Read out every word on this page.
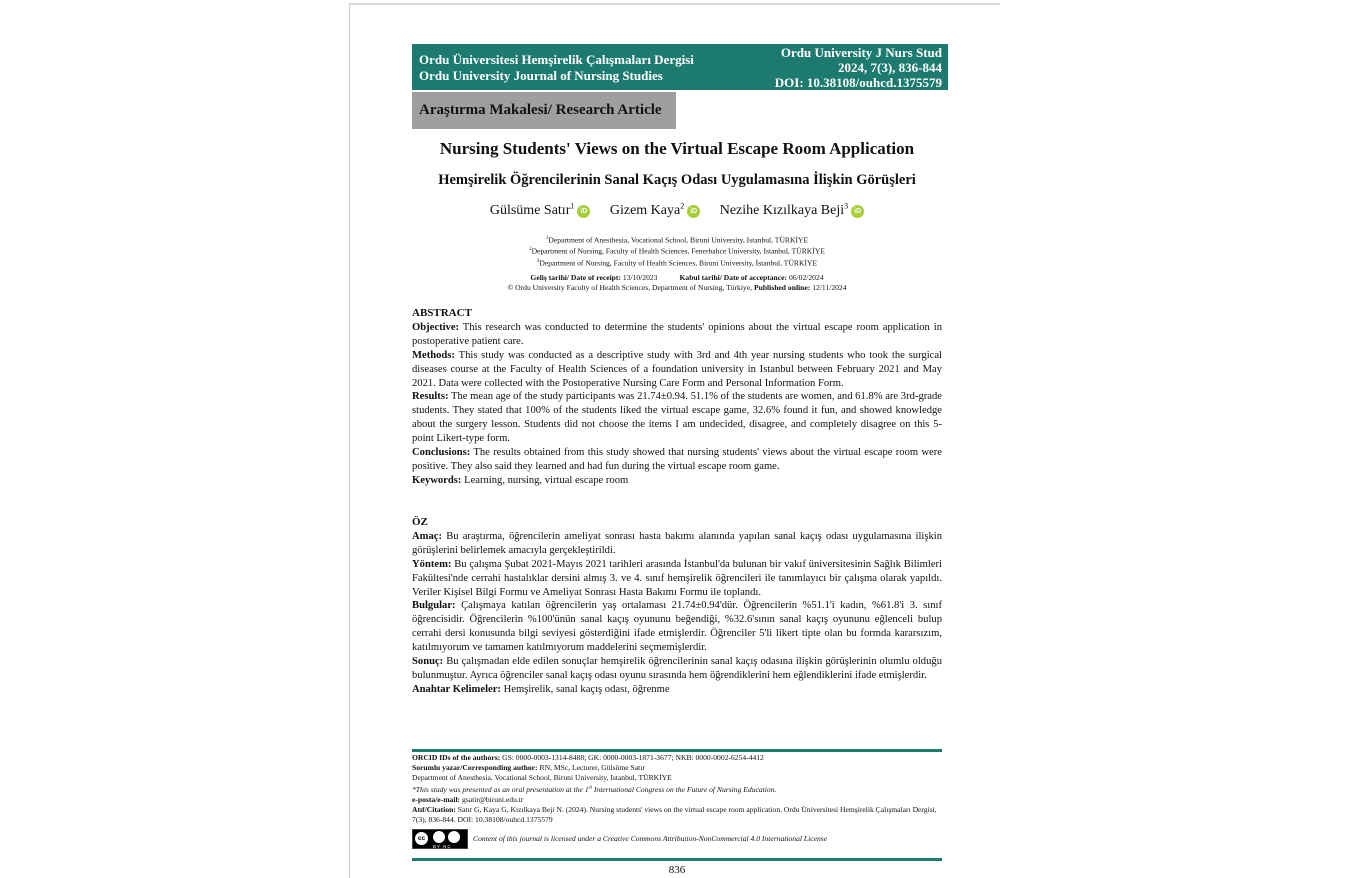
Ordu Üniversitesi Hemşirelik Çalışmaları Dergisi
Ordu University Journal of Nursing Studies
Ordu University J Nurs Stud
2024, 7(3), 836-844
DOI: 10.38108/ouhcd.1375579
Araştırma Makalesi/ Research Article
Nursing Students' Views on the Virtual Escape Room Application
Hemşirelik Öğrencilerinin Sanal Kaçış Odası Uygulamasına İlişkin Görüşleri
Gülsüme Satır$^1$iD Gizem Kaya$^2$iD Nezihe Kızılkaya Beji$^3$iD
$^1$Department of Anesthesia, Vocational School, Biruni University, Istanbul, TÜRKİYE
$^2$Department of Nursing, Faculty of Health Sciences, Fenerbahce University, Istanbul, TÜRKİYE
$^3$Department of Nursing, Faculty of Health Sciences, Biruni University, İstanbul, TÜRKİYE
Geliş tarihi/ Date of receipt: 13/10/2023	Kabul tarihi/ Date of acceptance: 06/02/2024
© Ordu University Faculty of Health Sciences, Department of Nursing, Türkiye, Published online: 12/11/2024

ABSTRACT

Objective: This research was conducted to determine the students' opinions about the virtual escape room application in postoperative patient care.

Methods: This study was conducted as a descriptive study with 3rd and 4th year nursing students who took the surgical diseases course at the Faculty of Health Sciences of a foundation university in Istanbul between February 2021 and May 2021. Data were collected with the Postoperative Nursing Care Form and Personal Information Form.

Results: The mean age of the study participants was 21.74±0.94. 51.1% of the students are women, and 61.8% are 3rd-grade students. They stated that 100% of the students liked the virtual escape game, 32.6% found it fun, and showed knowledge about the surgery lesson. Students did not choose the items I am undecided, disagree, and completely disagree on this 5-point Likert-type form.

Conclusions: The results obtained from this study showed that nursing students' views about the virtual escape room were positive. They also said they learned and had fun during the virtual escape room game.

Keywords: Learning, nursing, virtual escape room

ÖZ

Amaç: Bu araştırma, öğrencilerin ameliyat sonrası hasta bakımı alanında yapılan sanal kaçış odası uygulamasına ilişkin görüşlerini belirlemek amacıyla gerçekleştirildi.

Yöntem: Bu çalışma Şubat 2021-Mayıs 2021 tarihleri arasında İstanbul'da bulunan bir vakıf üniversitesinin Sağlık Bilimleri Fakültesi'nde cerrahi hastalıklar dersini almış 3. ve 4. sınıf hemşirelik öğrencileri ile tanımlayıcı bir çalışma olarak yapıldı. Veriler Kişisel Bilgi Formu ve Ameliyat Sonrası Hasta Bakımı Formu ile toplandı.

Bulgular: Çalışmaya katılan öğrencilerin yaş ortalaması 21.74±0.94'dür. Öğrencilerin %51.1'i kadın, %61.8'i 3. sınıf öğrencisidir. Öğrencilerin %100'ünün sanal kaçış oyununu beğendiği, %32.6'sının sanal kaçış oyununu eğlenceli bulup cerrahi dersi konusunda bilgi seviyesi gösterdiğini ifade etmişlerdir. Öğrenciler 5'li likert tipte olan bu formda kararsızım, katılmıyorum ve tamamen katılmıyorum maddelerini seçmemişlerdir.

Sonuç: Bu çalışmadan elde edilen sonuçlar hemşirelik öğrencilerinin sanal kaçış odasına ilişkin görüşlerinin olumlu olduğu bulunmuştur. Ayrıca öğrenciler sanal kaçış odası oyunu sırasında hem öğrendiklerini hem eğlendiklerini ifade etmişlerdir.

Anahtar Kelimeler: Hemşirelik, sanal kaçış odası, öğrenme

ORCID IDs of the authors: GS: 0000-0003-1314-8488; GK: 0000-0003-1871-3677; NKB: 0000-0002-6254-4412

Sorumlu yazar/Corresponding author: RN, MSc, Lecturer, Gülsüme Satır

Department of Anesthesia, Vocational School, Biruni University, Istanbul, TÜRKİYE

*This study was presented as an oral presentation at the 1st International Congress on the Future of Nursing Education.

e-posta/e-mail: gsatir@biruni.edu.tr

Atıf/Citation: Satır G, Kaya G, Kızılkaya Beji N. (2024). Nursing students' views on the virtual escape room application. Ordu Üniversitesi Hemşirelik Çalışmaları Dergisi, 7(3), 836-844. DOI: 10.38108/ouhcd.1375579

cc
BY NC
Content of this journal is licensed under a Creative Commons Attribution-NonCommercial 4.0 International License

836
